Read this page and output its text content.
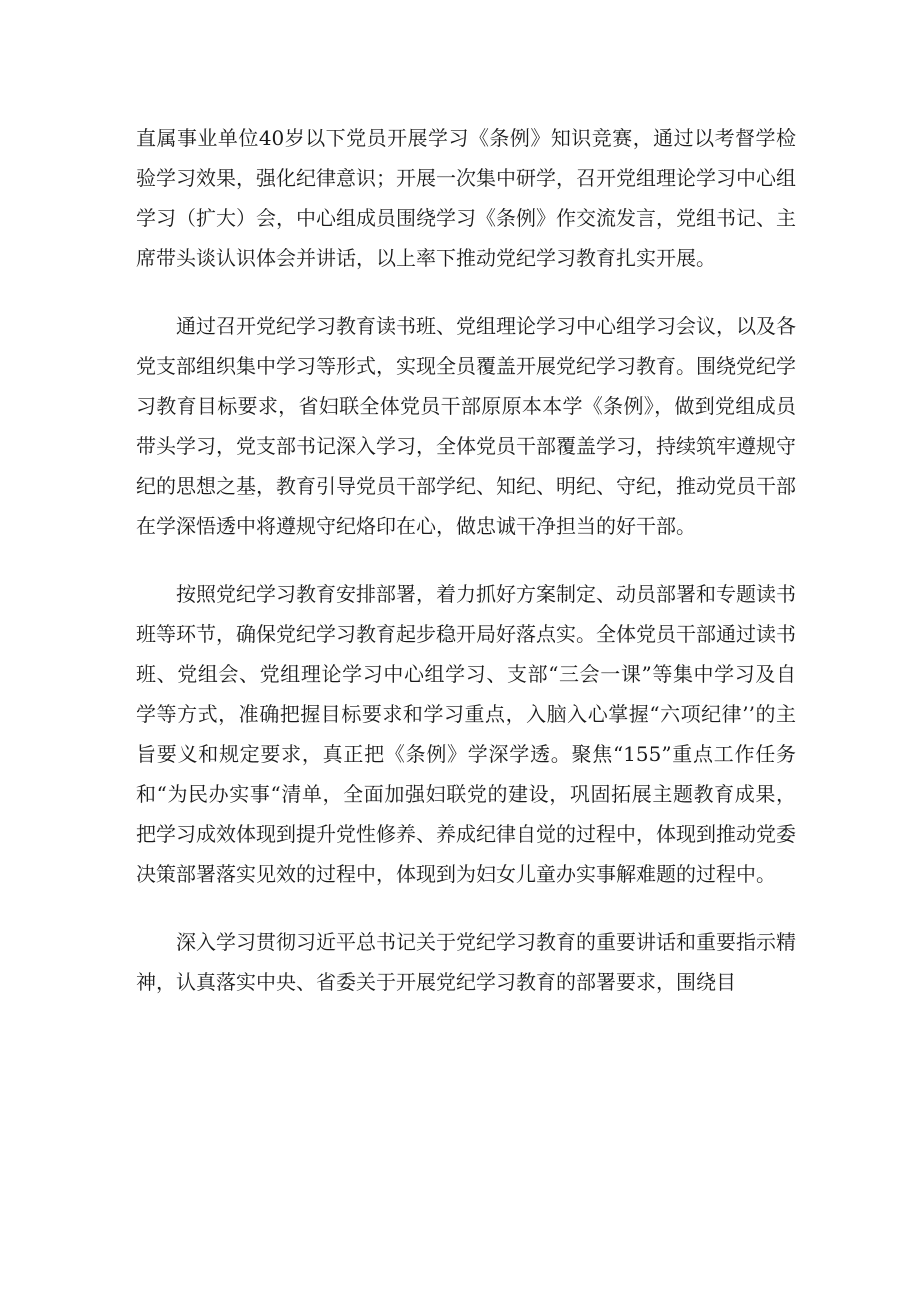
直属事业单位40岁以下党员开展学习《条例》知识竞赛，通过以考督学检验学习效果，强化纪律意识；开展一次集中研学，召开党组理论学习中心组学习（扩大）会，中心组成员围绕学习《条例》作交流发言，党组书记、主席带头谈认识体会并讲话，以上率下推动党纪学习教育扎实开展。

通过召开党纪学习教育读书班、党组理论学习中心组学习会议，以及各党支部组织集中学习等形式，实现全员覆盖开展党纪学习教育。围绕党纪学习教育目标要求，省妇联全体党员干部原原本本学《条例》，做到党组成员带头学习，党支部书记深入学习，全体党员干部覆盖学习，持续筑牢遵规守纪的思想之基，教育引导党员干部学纪、知纪、明纪、守纪，推动党员干部在学深悟透中将遵规守纪烙印在心，做忠诚干净担当的好干部。

按照党纪学习教育安排部署，着力抓好方案制定、动员部署和专题读书班等环节，确保党纪学习教育起步稳开局好落点实。全体党员干部通过读书班、党组会、党组理论学习中心组学习、支部“三会一课”等集中学习及自学等方式，准确把握目标要求和学习重点，入脑入心掌握“六项纪律’’的主旨要义和规定要求，真正把《条例》学深学透。聚焦“155”重点工作任务和“为民办实事“清单，全面加强妇联党的建设，巩固拓展主题教育成果，把学习成效体现到提升党性修养、养成纪律自觉的过程中，体现到推动党委决策部署落实见效的过程中，体现到为妇女儿童办实事解难题的过程中。

深入学习贯彻习近平总书记关于党纪学习教育的重要讲话和重要指示精神，认真落实中央、省委关于开展党纪学习教育的部署要求，围绕目
